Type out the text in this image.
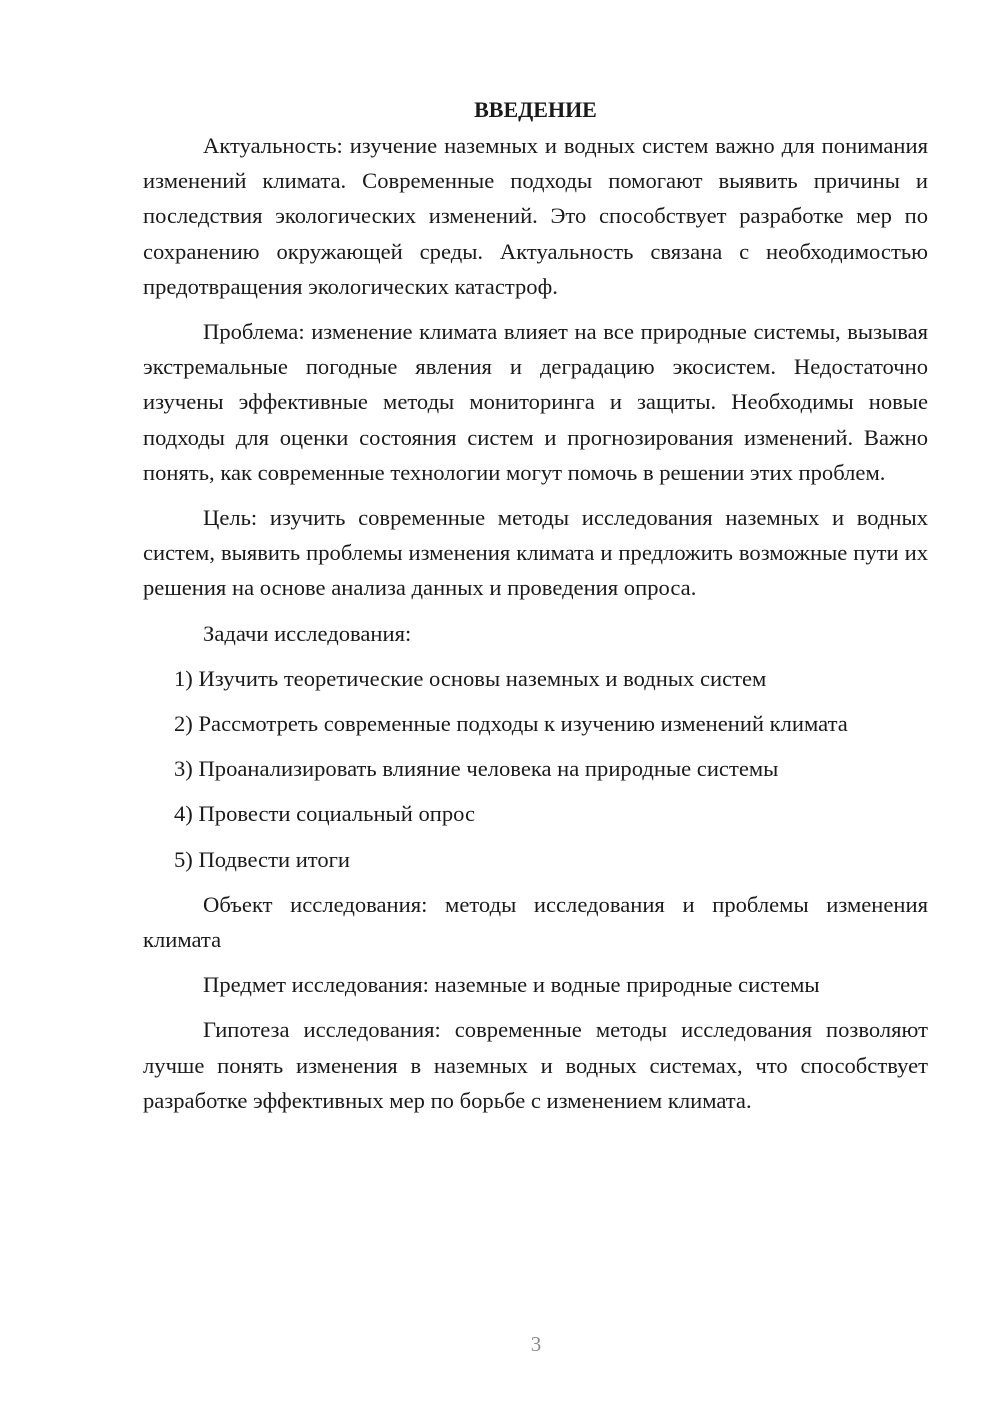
ВВЕДЕНИЕ

Актуальность: изучение наземных и водных систем важно для понимания изменений климата. Современные подходы помогают выявить причины и последствия экологических изменений. Это способствует разработке мер по сохранению окружающей среды. Актуальность связана с необходимостью предотвращения экологических катастроф.

Проблема: изменение климата влияет на все природные системы, вызывая экстремальные погодные явления и деградацию экосистем. Недостаточно изучены эффективные методы мониторинга и защиты. Необходимы новые подходы для оценки состояния систем и прогнозирования изменений. Важно понять, как современные технологии могут помочь в решении этих проблем.

Цель: изучить современные методы исследования наземных и водных систем, выявить проблемы изменения климата и предложить возможные пути их решения на основе анализа данных и проведения опроса.

Задачи исследования:

1) Изучить теоретические основы наземных и водных систем

2) Рассмотреть современные подходы к изучению изменений климата

3) Проанализировать влияние человека на природные системы

4) Провести социальный опрос

5) Подвести итоги

Объект исследования: методы исследования и проблемы изменения климата

Предмет исследования: наземные и водные природные системы

Гипотеза исследования: современные методы исследования позволяют лучше понять изменения в наземных и водных системах, что способствует разработке эффективных мер по борьбе с изменением климата.

3
